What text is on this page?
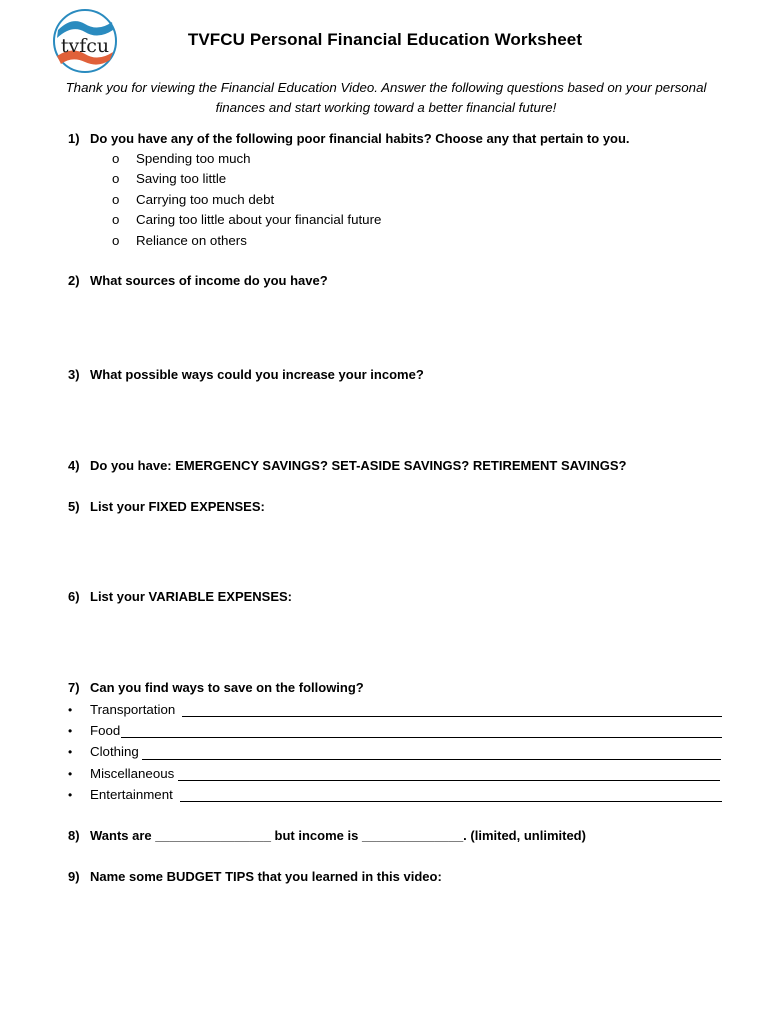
tvfcu	TVFCU Personal Financial Education Worksheet
Thank you for viewing the Financial Education Video. Answer the following questions based on your personal finances and start working toward a better financial future!
1) Do you have any of the following poor financial habits? Choose any that pertain to you.
o Spending too much
o Saving too little
o Carrying too much debt
o Caring too little about your financial future
o Reliance on others
2) What sources of income do you have?
3) What possible ways could you increase your income?
4) Do you have: EMERGENCY SAVINGS? SET-ASIDE SAVINGS? RETIREMENT SAVINGS?
5) List your FIXED EXPENSES:
6) List your VARIABLE EXPENSES:
7) Can you find ways to save on the following?
• Transportation
• Food
• Clothing
• Miscellaneous
• Entertainment
8) Wants are ________________ but income is ______________. (limited, unlimited)
9) Name some BUDGET TIPS that you learned in this video:
